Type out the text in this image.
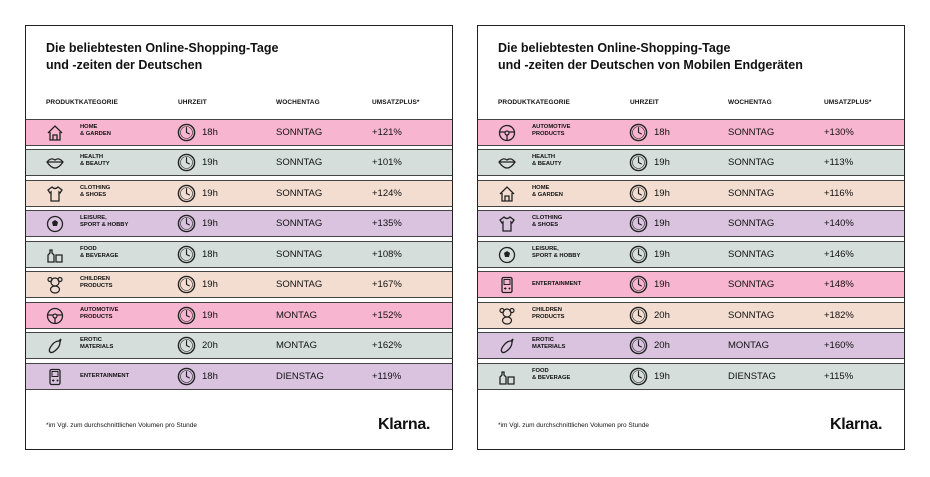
Die beliebtesten Online-Shopping-Tage
und -zeiten der Deutschen
PRODUKTKATEGORIE	UHRZEIT	WOCHENTAG	UMSATZPLUS*
HOME
& GARDEN	18h	SONNTAG	+121%
HEALTH
& BEAUTY	19h	SONNTAG	+101%
CLOTHING
& SHOES	19h	SONNTAG	+124%
LEISURE,
SPORT & HOBBY	19h	SONNTAG	+135%
FOOD
& BEVERAGE	18h	SONNTAG	+108%
CHILDREN
PRODUCTS	19h	SONNTAG	+167%
AUTOMOTIVE
PRODUCTS	19h	MONTAG	+152%
EROTIC
MATERIALS	20h	MONTAG	+162%
ENTERTAINMENT	18h	DIENSTAG	+119%
*im Vgl. zum durchschnittlichen Volumen pro Stunde	Klarna.
Die beliebtesten Online-Shopping-Tage
und -zeiten der Deutschen von Mobilen Endgeräten
PRODUKTKATEGORIE	UHRZEIT	WOCHENTAG	UMSATZPLUS*
AUTOMOTIVE
PRODUCTS	18h	SONNTAG	+130%
HEALTH
& BEAUTY	19h	SONNTAG	+113%
HOME
& GARDEN	19h	SONNTAG	+116%
CLOTHING
& SHOES	19h	SONNTAG	+140%
LEISURE,
SPORT & HOBBY	19h	SONNTAG	+146%
ENTERTAINMENT	19h	SONNTAG	+148%
CHILDREN
PRODUCTS	20h	SONNTAG	+182%
EROTIC
MATERIALS	20h	MONTAG	+160%
FOOD
& BEVERAGE	19h	DIENSTAG	+115%
*im Vgl. zum durchschnittlichen Volumen pro Stunde	Klarna.
